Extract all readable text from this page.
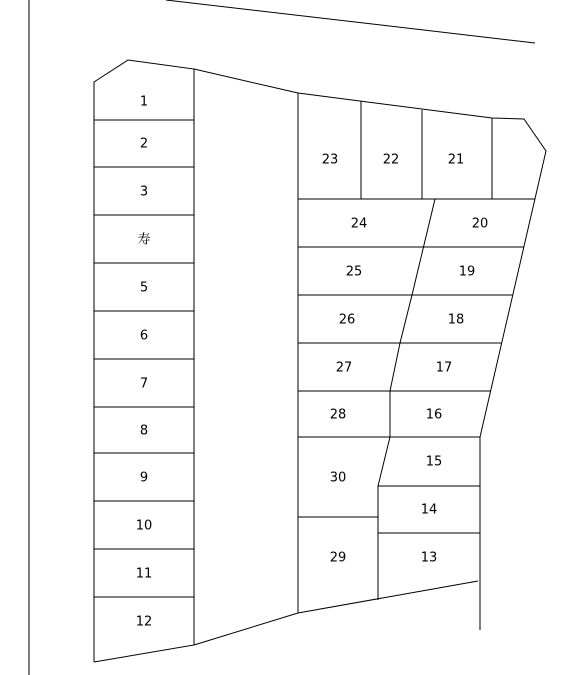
1
2
3
寿
5
6
7
8
9
10
11
12
23	22	21
24	20
25	19
26	18
27	17
28	16
30
15
14
29	13
